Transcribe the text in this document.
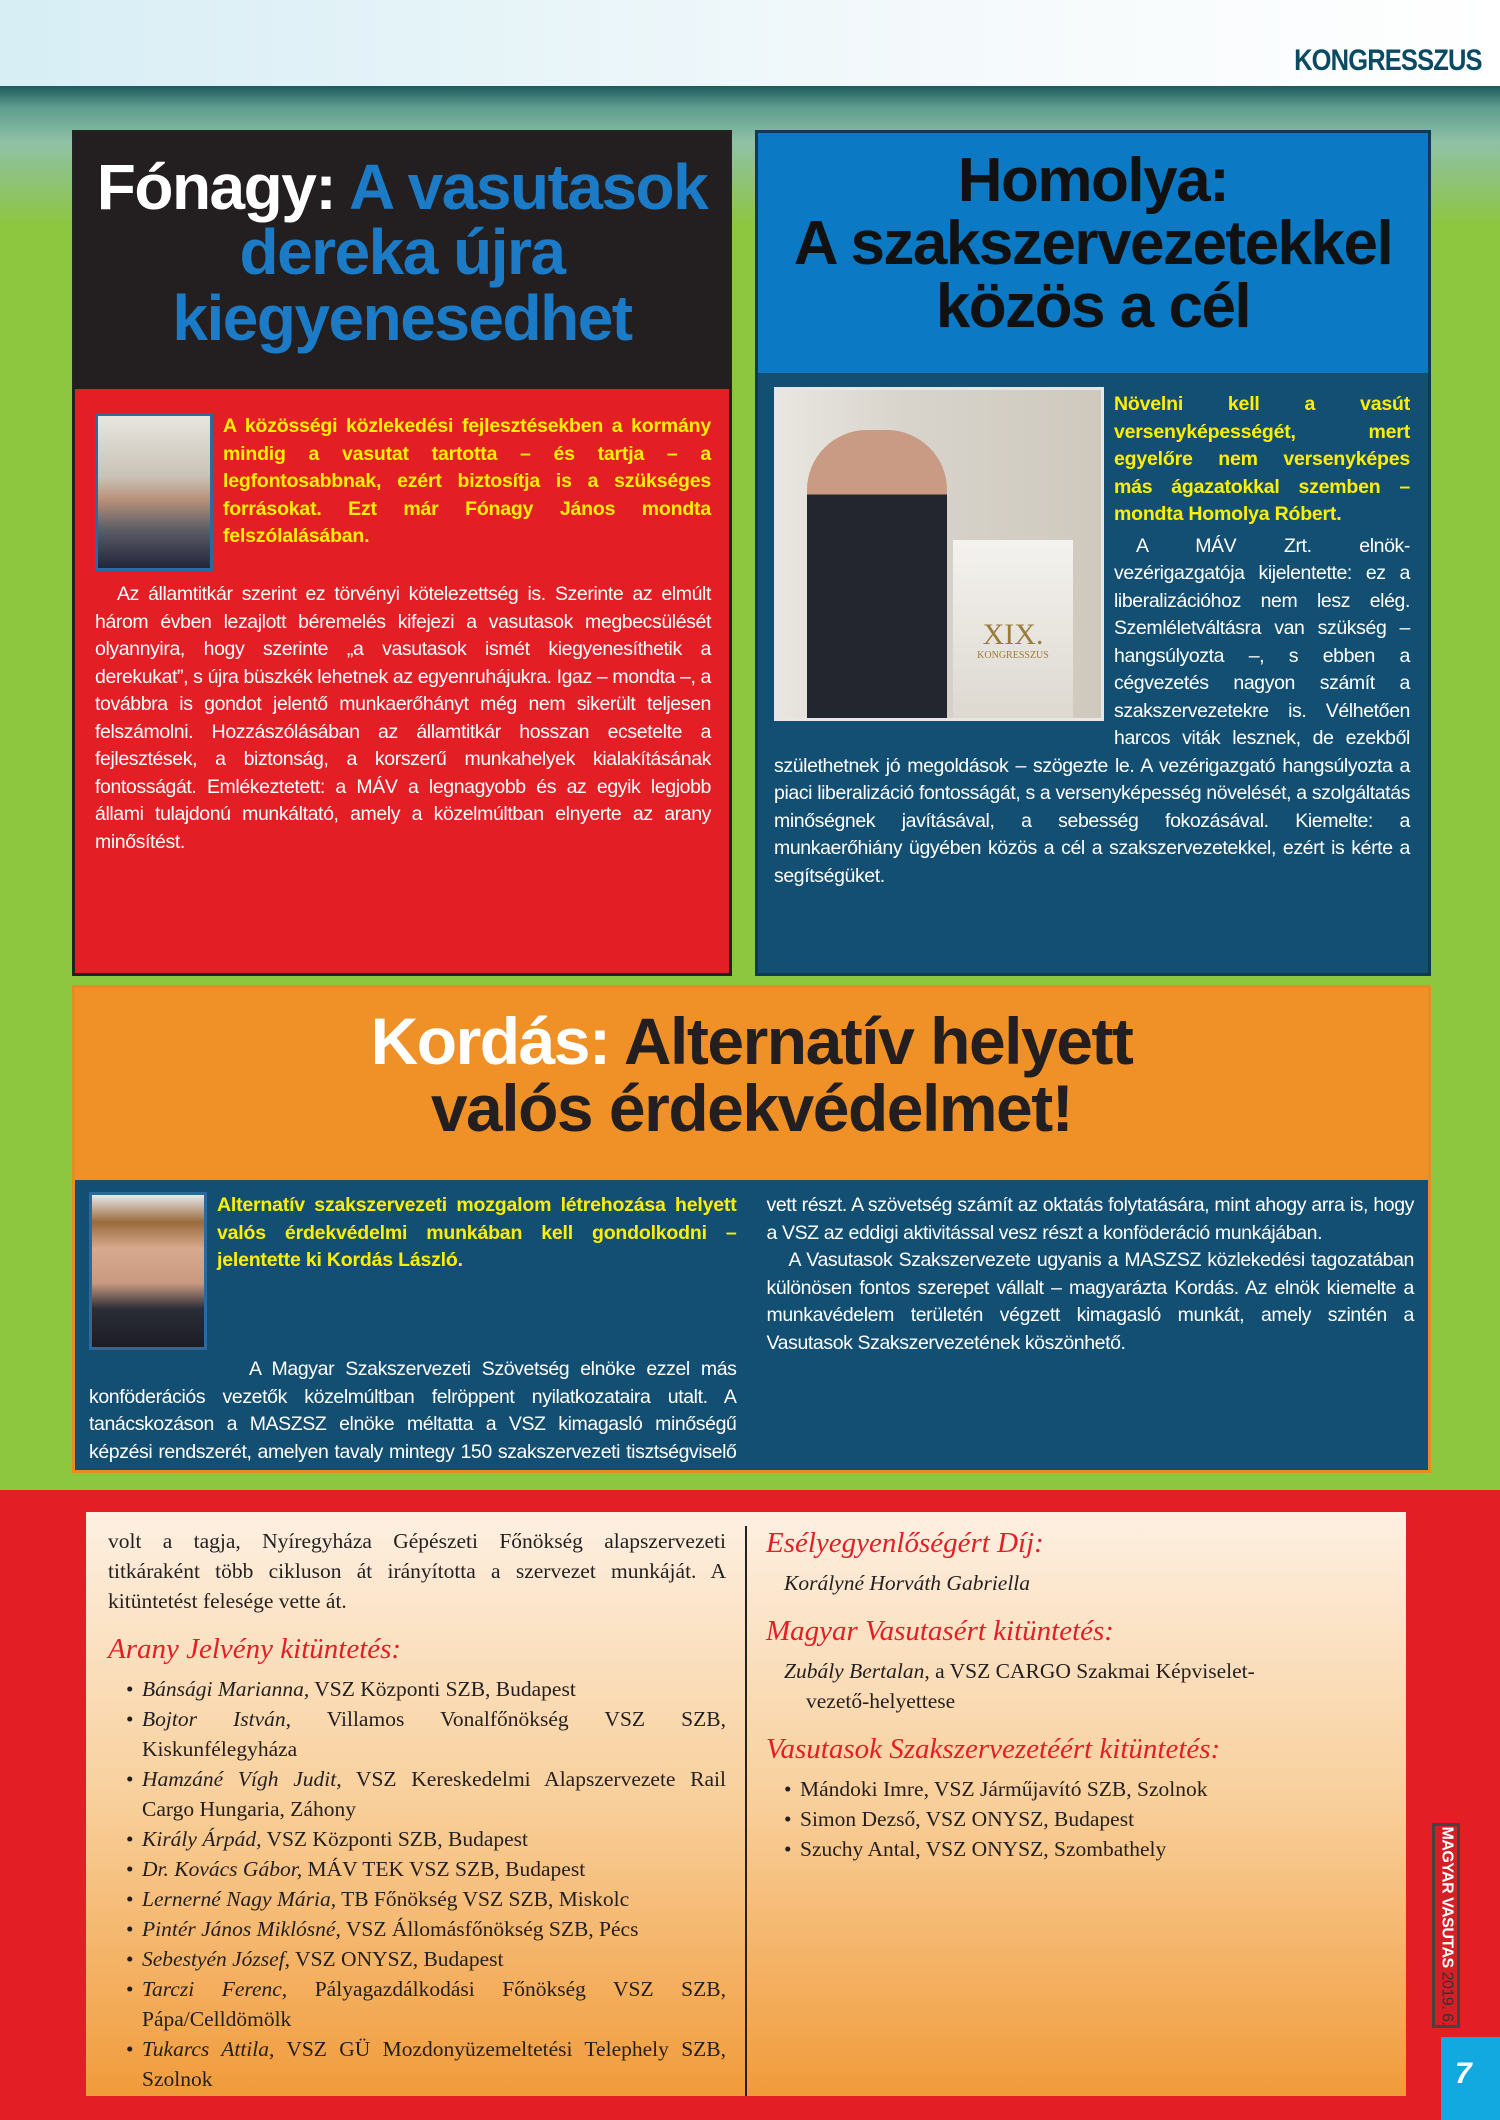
KONGRESSZUS
Fónagy: A vasutasok
dereka újra
kiegyenesedhet

A közösségi közlekedési fejlesztésekben a kormány mindig a vasutat tartotta – és tartja – a legfontosabbnak, ezért biztosítja is a szükséges forrásokat. Ezt már Fónagy János mondta felszólalásában.

Az államtitkár szerint ez törvényi kötelezettség is. Szerinte az elmúlt három évben lezajlott béremelés kifejezi a vasutasok megbecsülését olyannyira, hogy szerinte „a vasutasok ismét kiegyenesíthetik a derekukat”, s újra büszkék lehetnek az egyenruhájukra. Igaz – mondta –, a továbbra is gondot jelentő munkaerőhányt még nem sikerült teljesen felszámolni. Hozzászólásában az államtitkár hosszan ecsetelte a fejlesztések, a biztonság, a korszerű munkahelyek kialakításának fontosságát. Emlékeztetett: a MÁV a legnagyobb és az egyik legjobb állami tulajdonú munkáltató, amely a közelmúltban elnyerte az arany minősítést.

Homolya:
A szakszervezetekkel
közös a cél
XIX.
KONGRESSZUS

Növelni kell a vasút versenyképességét, mert egyelőre nem versenyképes más ágazatokkal szemben – mondta Homolya Róbert.

A MÁV Zrt. elnök-vezérigazgatója kijelentette: ez a liberalizációhoz nem lesz elég. Szemléletváltásra van szükség – hangsúlyozta –, s ebben a cégvezetés nagyon számít a szakszervezetekre is. Vélhetően harcos viták lesznek, de ezekből születhetnek jó megoldások – szögezte le. A vezérigazgató hangsúlyozta a piaci liberalizáció fontosságát, s a versenyképesség növelését, a szolgáltatás minőségnek javításával, a sebesség fokozásával. Kiemelte: a munkaerőhiány ügyében közös a cél a szakszervezetekkel, ezért is kérte a segítségüket.

Kordás: Alternatív helyett
valós érdekvédelmet!

Alternatív szakszervezeti mozgalom létrehozása helyett valós érdekvédelmi munkában kell gondolkodni – jelentette ki Kordás László.

A Magyar Szakszervezeti Szövetség elnöke ezzel más konföderációs vezetők közelmúltban felröppent nyilatkozataira utalt. A tanácskozáson a MASZSZ elnöke méltatta a VSZ kimagasló minőségű képzési rendszerét, amelyen tavaly mintegy 150 szakszervezeti tisztségviselő vett részt. A szövetség számít az oktatás folytatására, mint ahogy arra is, hogy a VSZ az eddigi aktivitással vesz részt a konföderáció munkájában.

A Vasutasok Szakszervezete ugyanis a MASZSZ közlekedési tagozatában különösen fontos szerepet vállalt – magyarázta Kordás. Az elnök kiemelte a munkavédelem területén végzett kimagasló munkát, amely szintén a Vasutasok Szakszervezetének köszönhető.

volt a tagja, Nyíregyháza Gépészeti Főnökség alapszervezeti titkáraként több cikluson át irányította a szervezet munkáját. A kitüntetést felesége vette át.

Arany Jelvény kitüntetés:
• Bánsági Marianna, VSZ Központi SZB, Budapest
• Bojtor István, Villamos Vonalfőnökség VSZ SZB, Kiskunfélegyháza
• Hamzáné Vígh Judit, VSZ Kereskedelmi Alapszervezete Rail Cargo Hungaria, Záhony
• Király Árpád, VSZ Központi SZB, Budapest
• Dr. Kovács Gábor, MÁV TEK VSZ SZB, Budapest
• Lernerné Nagy Mária, TB Főnökség VSZ SZB, Miskolc
• Pintér János Miklósné, VSZ Állomásfőnökség SZB, Pécs
• Sebestyén József, VSZ ONYSZ, Budapest
• Tarczi Ferenc, Pályagazdálkodási Főnökség VSZ SZB, Pápa/Celldömölk
• Tukarcs Attila, VSZ GÜ Mozdonyüzemeltetési Telephely SZB, Szolnok
Esélyegyenlőségért Díj:

Korályné Horváth Gabriella

Magyar Vasutasért kitüntetés:

Zubály Bertalan, a VSZ CARGO Szakmai Képviselet-
vezető-helyettese

Vasutasok Szakszervezetéért kitüntetés:
• Mándoki Imre, VSZ Járműjavító SZB, Szolnok
• Simon Dezső, VSZ ONYSZ, Budapest
• Szuchy Antal, VSZ ONYSZ, Szombathely	MAGYAR VASUTAS 2019. 6.
7
